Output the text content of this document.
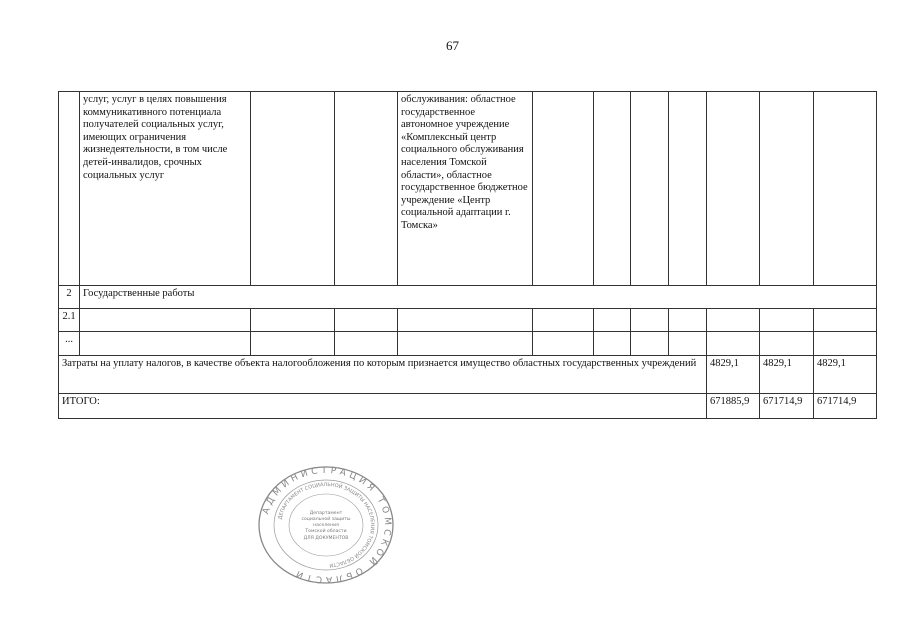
67
	услуг, услуг в целях повышения коммуникативного потенциала получателей социальных услуг, имеющих ограничения жизнедеятельности, в том числе детей-инвалидов, срочных социальных услуг			обслуживания: областное государственное автономное учреждение «Комплексный центр социального обслуживания населения Томской области», областное государственное бюджетное учреждение «Центр социальной адаптации г. Томска»							
2	Государственные работы										
2.1											
...											
Затраты на уплату налогов, в качестве объекта налогообложения по которым признается имущество областных государственных учреждений									4829,1	4829,1	4829,1
ИТОГО:									671885,9	671714,9	671714,9
АДМИНИСТРАЦИЯ ТОМСКОЙ ОБЛАСТИ
ДЕПАРТАМЕНТ СОЦИАЛЬНОЙ ЗАЩИТЫ НАСЕЛЕНИЯ ТОМСКОЙ ОБЛАСТИ
Департамент
социальной защиты
населения
Томской области
ДЛЯ ДОКУМЕНТОВ
